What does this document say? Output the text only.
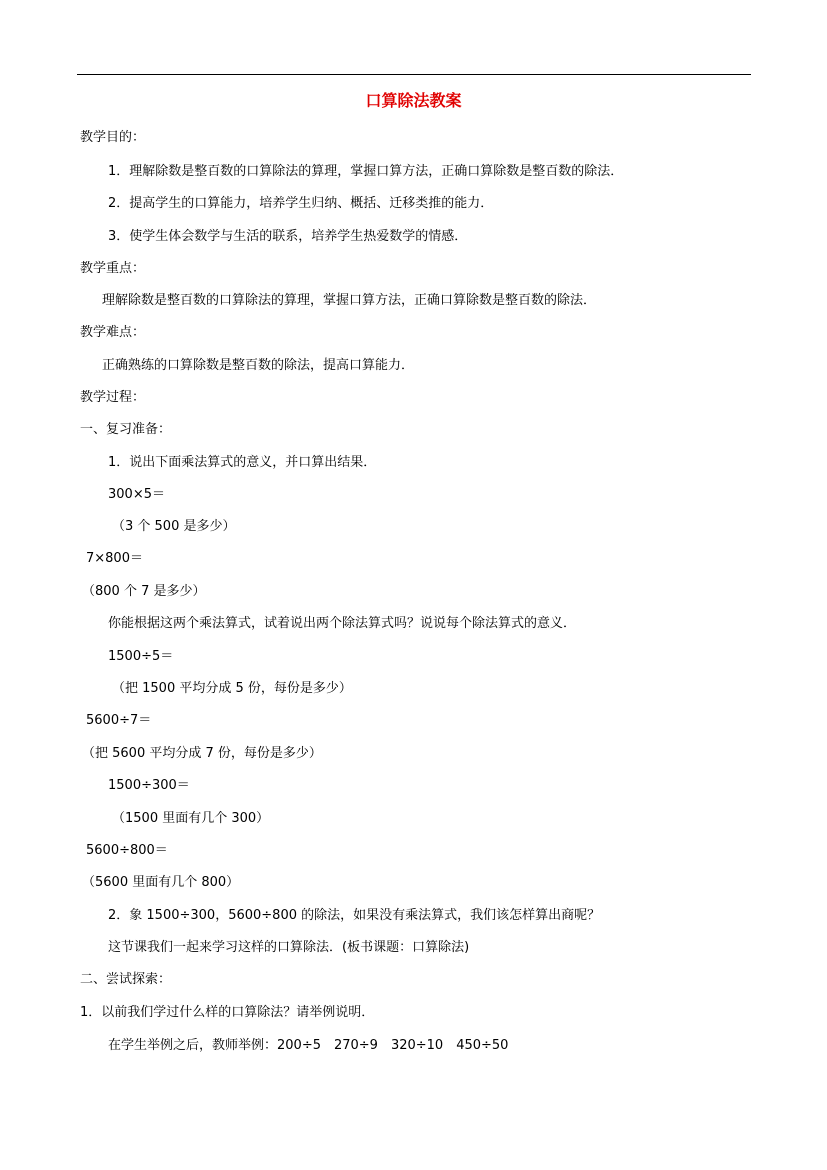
口算除法教案
教学目的：
1．理解除数是整百数的口算除法的算理，掌握口算方法，正确口算除数是整百数的除法．
2．提高学生的口算能力，培养学生归纳、概括、迁移类推的能力．
3．使学生体会数学与生活的联系，培养学生热爱数学的情感．
教学重点：
理解除数是整百数的口算除法的算理，掌握口算方法，正确口算除数是整百数的除法．
教学难点：
正确熟练的口算除数是整百数的除法，提高口算能力．
教学过程：
一、复习准备：
1．说出下面乘法算式的意义，并口算出结果．
300×5＝
（3 个 500 是多少）
7×800＝
（800 个 7 是多少）
你能根据这两个乘法算式，试着说出两个除法算式吗？说说每个除法算式的意义．
1500÷5＝
（把 1500 平均分成 5 份，每份是多少）
5600÷7＝
（把 5600 平均分成 7 份，每份是多少）
1500÷300＝
（1500 里面有几个 300）
5600÷800＝
（5600 里面有几个 800）
2．象 1500÷300，5600÷800 的除法，如果没有乘法算式，我们该怎样算出商呢？
这节课我们一起来学习这样的口算除法．(板书课题：口算除法)
二、尝试探索：
1．以前我们学过什么样的口算除法？请举例说明．
在学生举例之后，教师举例：200÷5　270÷9　320÷10　450÷50
